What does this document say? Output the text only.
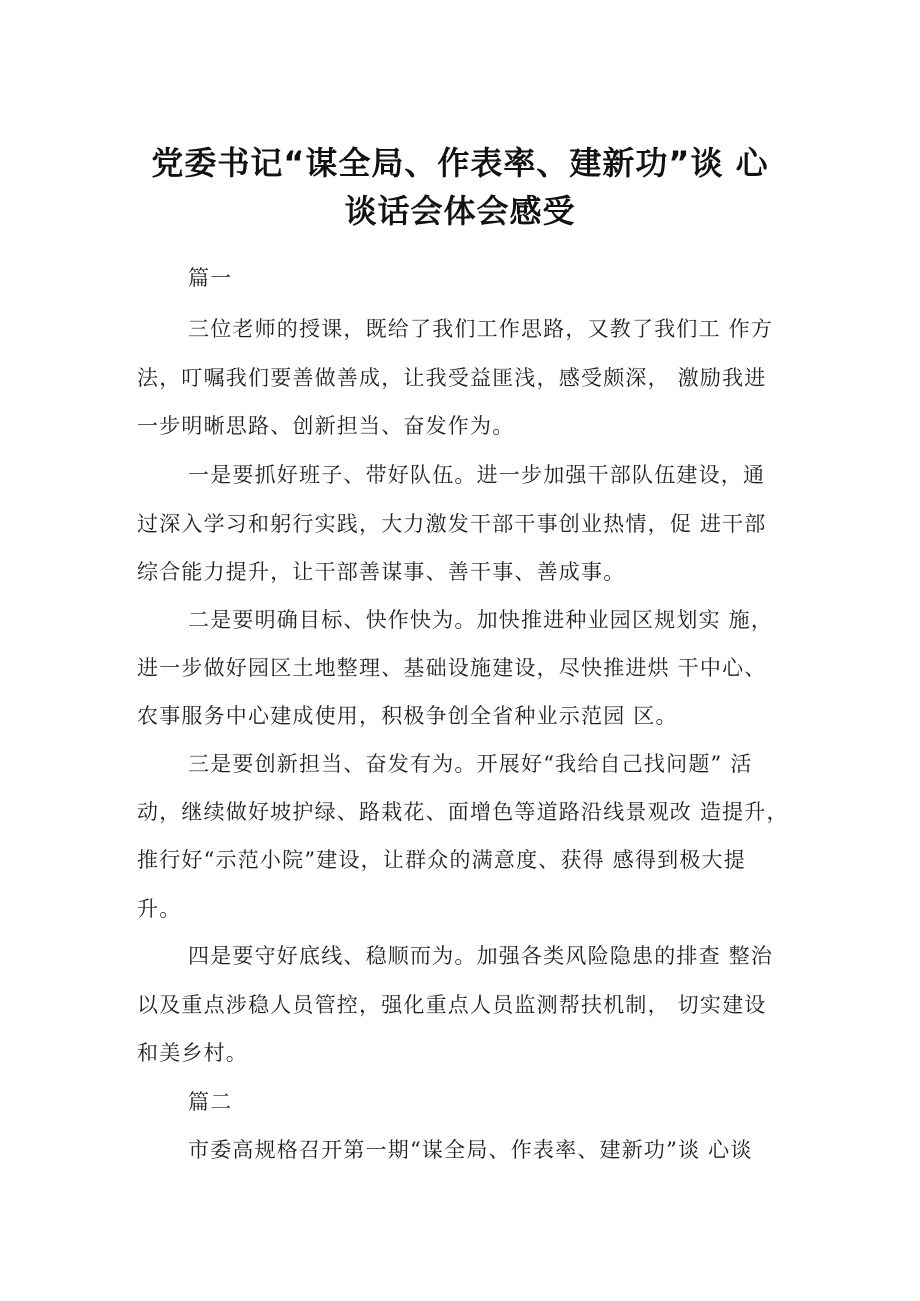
党委书记“谋全局、作表率、建新功”谈 心
谈话会体会感受
篇一
三位老师的授课，既给了我们工作思路，又教了我们工 作方
法，叮嘱我们要善做善成，让我受益匪浅，感受颇深， 激励我进
一步明晰思路、创新担当、奋发作为。
一是要抓好班子、带好队伍。进一步加强干部队伍建设，通
过深入学习和躬行实践，大力激发干部干事创业热情，促 进干部
综合能力提升，让干部善谋事、善干事、善成事。
二是要明确目标、快作快为。加快推进种业园区规划实 施，
进一步做好园区土地整理、基础设施建设，尽快推进烘 干中心、
农事服务中心建成使用，积极争创全省种业示范园 区。
三是要创新担当、奋发有为。开展好“我给自己找问题” 活
动，继续做好坡护绿、路栽花、面增色等道路沿线景观改 造提升，
推行好“示范小院”建设，让群众的满意度、获得 感得到极大提
升。
四是要守好底线、稳顺而为。加强各类风险隐患的排查 整治
以及重点涉稳人员管控，强化重点人员监测帮扶机制， 切实建设
和美乡村。
篇二
市委高规格召开第一期“谋全局、作表率、建新功”谈 心谈
